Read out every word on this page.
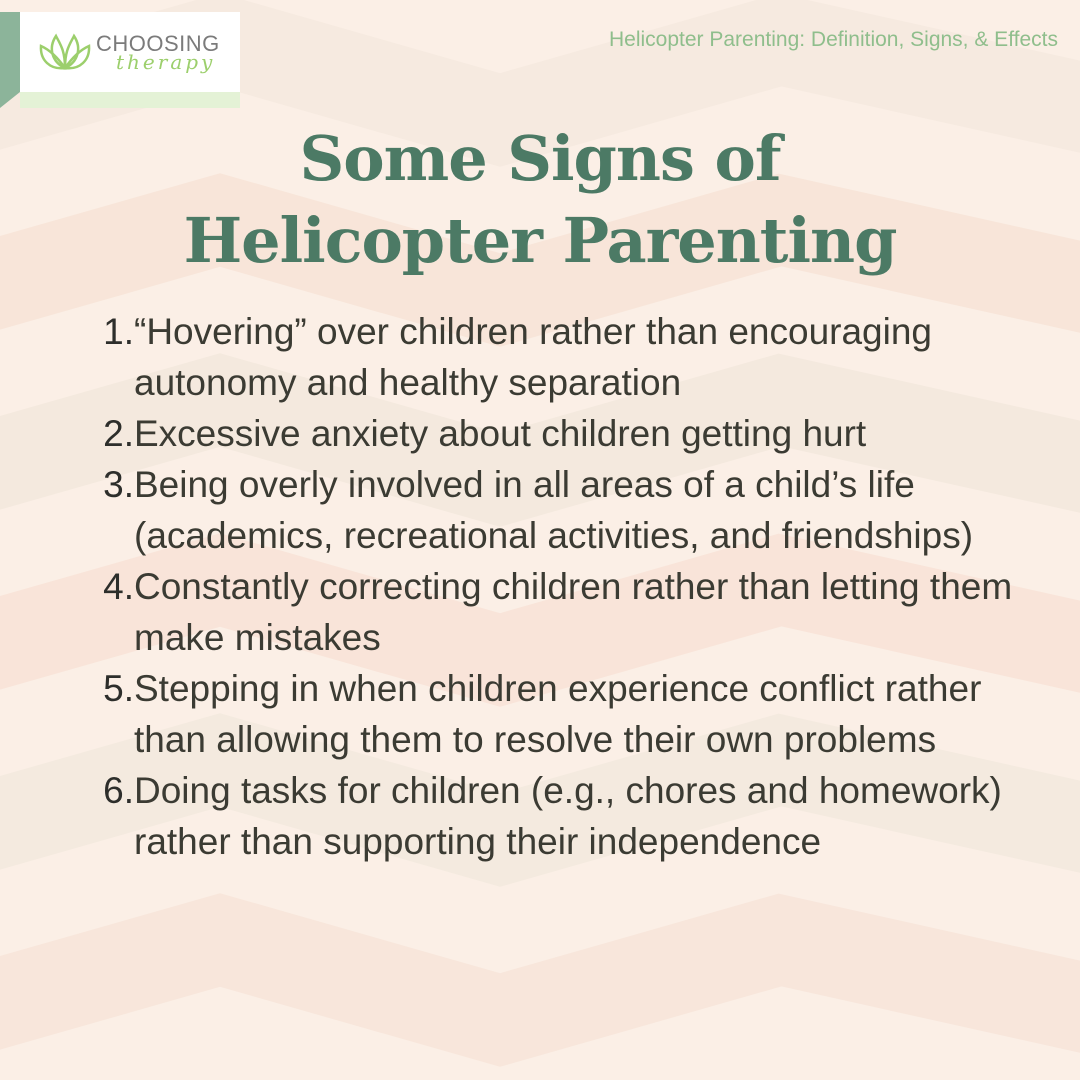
CHOOSING
therapy
Helicopter Parenting: Definition, Signs, & Effects
Some Signs of
Helicopter Parenting
1. “Hovering” over children rather than encouraging autonomy and healthy separation
2. Excessive anxiety about children getting hurt
3. Being overly involved in all areas of a child’s life (academics, recreational activities, and friendships)
4. Constantly correcting children rather than letting them make mistakes
5. Stepping in when children experience conflict rather than allowing them to resolve their own problems
6. Doing tasks for children (e.g., chores and homework) rather than supporting their independence
